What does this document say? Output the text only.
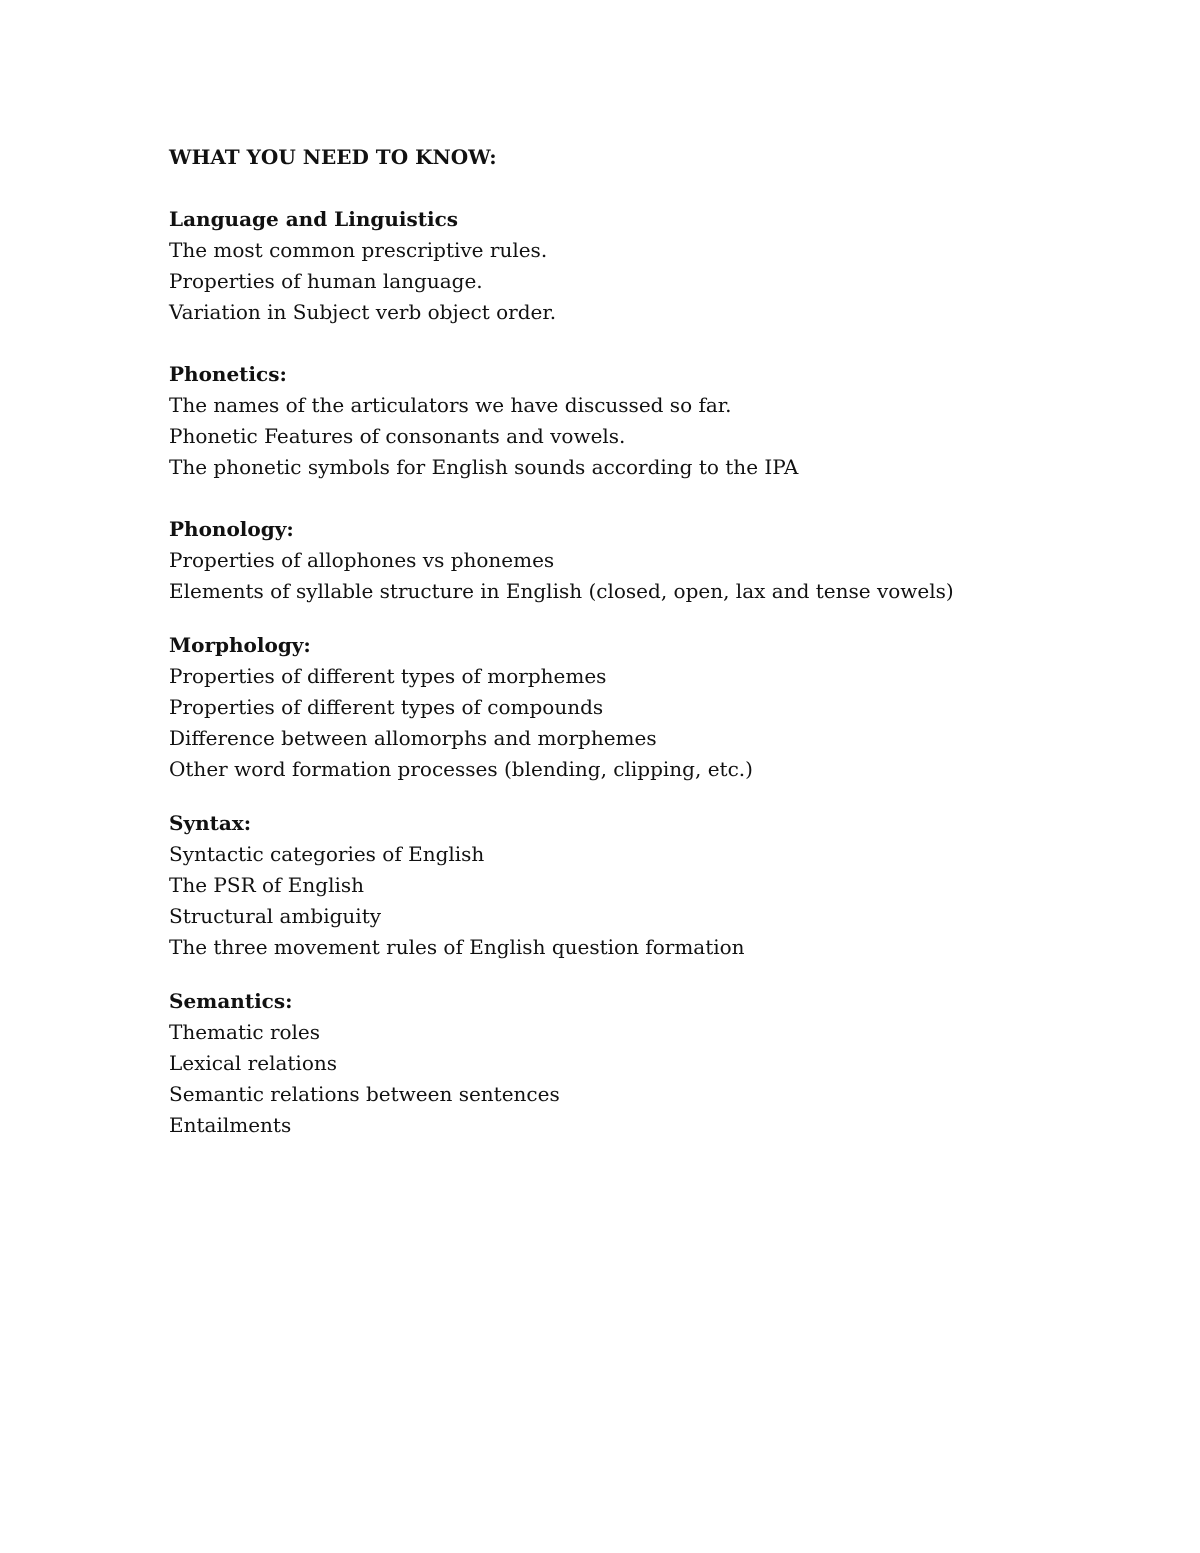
WHAT YOU NEED TO KNOW:
Language and Linguistics
The most common prescriptive rules.
Properties of human language.
Variation in Subject verb object order.
Phonetics:
The names of the articulators we have discussed so far.
Phonetic Features of consonants and vowels.
The phonetic symbols for English sounds according to the IPA
Phonology:
Properties of allophones vs phonemes
Elements of syllable structure in English (closed, open, lax and tense vowels)
Morphology:
Properties of different types of morphemes
Properties of different types of compounds
Difference between allomorphs and morphemes
Other word formation processes (blending, clipping, etc.)
Syntax:
Syntactic categories of English
The PSR of English
Structural ambiguity
The three movement rules of English question formation
Semantics:
Thematic roles
Lexical relations
Semantic relations between sentences
Entailments
